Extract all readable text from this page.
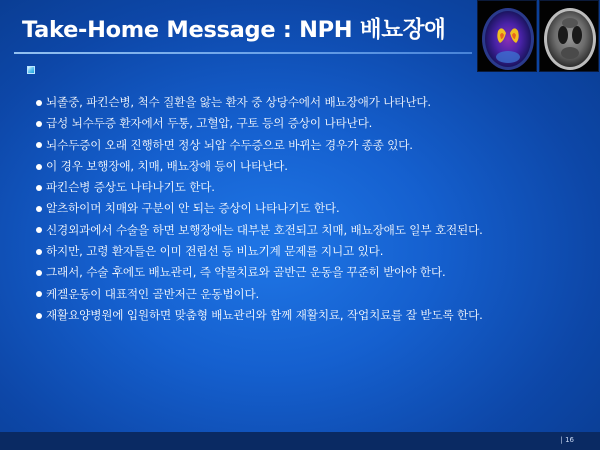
Take-Home Message : NPH 배뇨장애
뇌졸중, 파킨슨병, 척수 질환을 앓는 환자 중 상당수에서 배뇨장애가 나타난다.
급성 뇌수두증 환자에서 두통, 고혈압, 구토 등의 증상이 나타난다.
뇌수두증이 오래 진행하면 정상 뇌압 수두증으로 바뀌는 경우가 종종 있다.
이 경우 보행장애, 치매, 배뇨장애 등이 나타난다.
파킨슨병 증상도 나타나기도 한다.
알츠하이머 치매와 구분이 안 되는 증상이 나타나기도 한다.
신경외과에서 수술을 하면 보행장애는 대부분 호전되고 치매, 배뇨장애도 일부 호전된다.
하지만, 고령 환자들은 이미 전립선 등 비뇨기계 문제를 지니고 있다.
그래서, 수술 후에도 배뇨관리, 즉 약물치료와 골반근 운동을 꾸준히 받아야 한다.
케겔운동이 대표적인 골반저근 운동법이다.
재활요양병원에 입원하면 맞춤형 배뇨관리와 함께 재활치료, 작업치료를 잘 받도록 한다.
| 16
